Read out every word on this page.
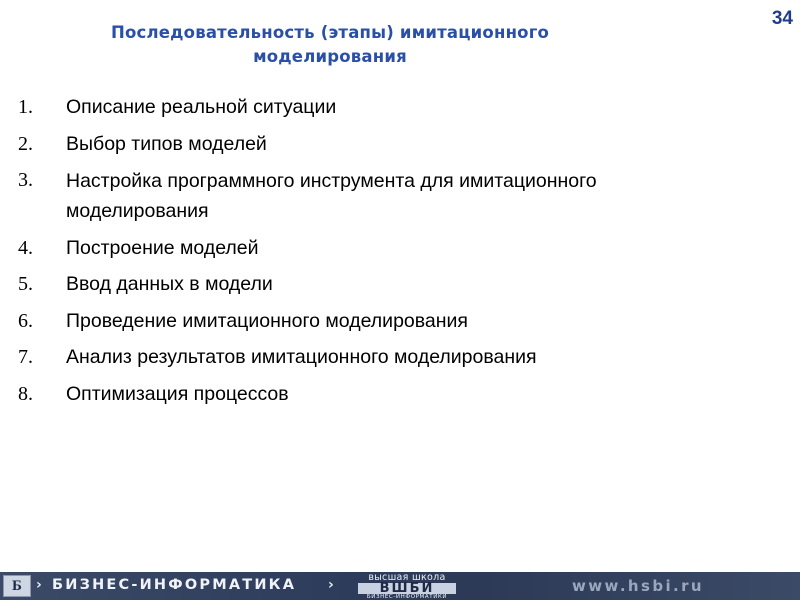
34
Последовательность (этапы) имитационного
моделирования
1.	Описание реальной ситуации
2.	Выбор типов моделей
3.	Настройка программного инструмента для имитационного моделирования
4.	Построение моделей
5.	Ввод данных в модели
6.	Проведение имитационного моделирования
7.	Анализ результатов имитационного моделирования
8.	Оптимизация процессов
Б	› БИЗНЕС-ИНФОРМАТИКА ›	высшая школа
ВШБИ
БИЗНЕС-ИНФОРМАТИКИ
www.hsbi.ru
